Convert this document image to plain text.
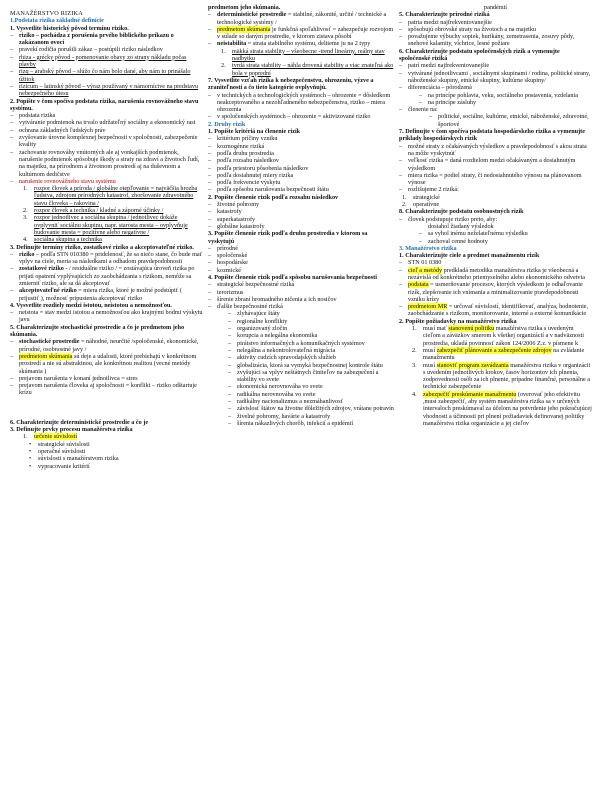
MANAŽÉRSTVO RIZIKA

1.Podstata rizika základné definície

1. Vysvetlite historický pôvod termínu riziko.

– riziko – pochádza z porušenia prvého biblického príkazu o zakázanom ovocí
– pravekí rodičia porušili zákaz – postúpili riziko následkov
– rhiza - grécky pôvod - pomenovanie obavy zo strany nákladu počas plavby
– rizq – arabský pôvod – slúžo čo nám bolo dané, aby nám to prinášalo úžitok
– rizicum – latinský pôvod – výraz používaný v námorníctve na predstavu nebezpečného útesu

2. Popíšte v čom spočíva podstata rizika, narušenia rovnovážneho stavu systému.

– podstata rizika
– vytváranie podmienok na trvalo udržateľný sociálny a ekonomický rast
– ochrana základných ľudských práv
– zvyšovanie úrovne komplexnej bezpečnosti v spoločnosti, zabezpečenie kvality
– zachovanie rovnováhy vnútorných ale aj vonkajších podmienok, narušenie podmienok spôsobuje škody a straty na zdraví a životoch ľudí, na majetku, na prírodnom a životnom prostredí aj na duševnom a kultúrnom dedičstve
– narušenie rovnovážneho stavu systému
1. rozpor človek a príroda / globálne otepľovanie = najväčšia hrozba ľudstva, zdrojom prírodných katastrof, zhoršovanie zdravotného stavu človeka – rakovina /
2. rozpor človek a technika / kladné a záporné účinky /
3. rozpor jednotlivec a sociálna skupina / jednotlivec dokáže ovplyvniť sociálnu skupinu, napr. starosta mesta – ovplyvňuje budovanie mesta = pozitívne alebo negatívne /
4. sociálna skupina a technika

3. Definujte termíny riziko, zostatkové riziko a akceptovateľné riziko.

– riziko – podľa STN 010380 = pridelenosť, že sa niečo stane, čo bude mať vplyv na ciele, meria sa následkami a odhadom pravdepodobnosti
– zostatkové riziko - / residuálne riziko / = zostávajúca úroveň rizika po prijatí opatrení vyplývajúcich zo zaobchádzania s rizikom, nemôže sa zmierniť riziko, ale sa dá akceptovať
– akceptovateľné riziko = miera rizika, ktoré je možné podstúpiť ( prijustiť ), možnosť pripustenia akceptovať riziko

4. Vysvetlite rozdiely medzi istotou, neistotou a nemožnosťou.

– neistota = stav medzi istotou a nemožnosťou ako krajnými bodmi výskytu javu

5. Charakterizujte stochastické prostredie a čo je predmetom jeho skúmania.

– stochastické prostredie = náhodné, neurčité /spoločenské, ekonomické, prírodné, osobnostné javy /
– predmetom skúmania sú deje a udalosti, ktoré prebiehajú v konkrétnom prostredí a nie sú abstraktnou, ale konkrétnou realitou (vecné metódy skúmania )
– prejavom narušenia v konaní jednotlivca = stres
– prejavom narušenia človeka aj spoločnosti = konflikt – riziko odštartuje krízu

6. Charakterizujte deterministické prostredie a čo je

3. Definujte prvky procesu manažérstva rizika

1. určenie súvislostí
• strategické súvislosti
• operačné súvislosti
• súvislosti s manažérstvom rizika
• vypracovanie kritérií

predmetom jeho skúmania.

– deterministické prostredie = stabilné, zákonité, určité / technické a technologické systémy /
– predmetom skúmania je funkčná spoľahlivosť = zabezpečuje rozvojom v súlade so daným prostredie, v ktorom zistava pôsobí
– neistabilita = strata stabilného systému, deliteme ju na 2 typy
1. mäkká strata stability – všeobecne -trend lineárny, reálny stav nadbytku
2. tvrdá strata stability – náhla drovená stability a viac znateľná ako bola v poprední

7. Vysvetlite vzťah rizika k nebezpečenstvu, ohrozeniu, výzve a zraniteľnosti a čo tieto kategórie ovplyvňujú.

– v technických a technologických systémoch – ohrozenie = dôsledkom neakceptovaného a nezohľadneného nebezpečenstva, riziko – miera ohrozenia
– v spoločenských systémoch – ohrozenie = aktivizované riziko

2. Druhy rizík

1. Popíšte kritériá na členenie rizík

– kritérium príčiny vzniku
– kozmogénne riziká
– podľa druhu prostredia
– podľa rozsahu následkov
– podľa priestoru pôsobenia následkov
– podľa dosiahnutej miery rizika
– podľa frekvencie výskytu
– podľa spôsobu narušovania bezpečnosti štátu

2. Popíšte členenie rizík podľa rozsahu následkov

– životné pohromy
– katastrofy
– superkatastrofy
– globálne katastrofy

3. Popíšte členenie rizík podľa druhu prostredia v ktorom sa vyskytujú

– prírodné
– spoločenské
– hospodárske
– kozmické

4. Popíšte členenie rizík podľa spôsobu narušovania bezpečnosti

– strategické bezpečnostné riziká
– terorizmus
– šírenie zbraní hromadného ničenia a ich nosičov
– ďalšie bezpečnostné riziká
– zlyhávajúce štáty
– regionálne konflikty
– organizovaný zločin
– korupcia a nelegálna ekonomika
– pirátstvo informačných a komunikačných systémov
– nelegálna a nekontrolovateľná migrácia
– aktivity cudzích spravodajských služieb
– globalizácia, ktorá sa vymyká bezpečnostnej kontrole štátu
– zvyšujúci sa vplyv neštátnych činiteľov na zabezpečení a stability vo svete
– ekonomická nerovnováha vo svete
– radikálna nerovnováha vo svete
– radikálny nacionalizmus a nezmáhanlivosť
– závislosť štátov na životne dôležitých zdrojov, vrátane potravín
– živelné pohromy, havárie a katastrofy
– šírenia nákazlivých chorôb, infekcií a epidémií

pandémií

5. Charakterizujte prírodné riziká

– patria medzi najfrekventovanejšie
– spôsobujú obrovské straty na životoch a na majetku
– považujeme výbuchy sopiek, hurikány, zemetrasenia, zosuvy pôdy, snehové kalamity, víchrice, lesné požiare

6. Charakterizujte podstatu spoločenských rizík a vymenujte spoločenské riziká

– patrí medzi najfrekventovanejšie
– vytvárané jednotlivcami , sociálnymi skupinami / rodina, politické strany, náboženské skupiny, etnické skupiny, kultúrne skupiny/
– diferenciácia – pôrodzená
– na princípe pohlavia, veku, sociálneho postavenia, vzdelania
– na princípe zásluhy
– členenie na:
– politické, sociálne, kultúrne, etnické, náboženské, zdravotné, športové

7. Definujte v čom spočíva podstata hospodárskeho rizika a vymenujte príklady hospodárskych rizík

– možné straty z očakávaných výsledkov a pravdepodobnosť s akou strata na môže vyskytnúť
– veľkosť rizika = daná rozdielom medzi očakávaným a dosiahnutým výsledkom
– miera rizika = podiel straty, či nedosiahnutého výnosu na plánovanom výnose
– rozlišujeme 2 riziká:
1. strategické
2. operatívne

8. Charakterizujte podstatu osobnostných rizík

– človek podstupuje riziko preto, aby:
dosiahol žiadaný výsledok
– sa vyhol inému neželateľnému výsledku
– zachoval cenné hodnoty

3. Manažérstvo rizika

1. Charakterizujte ciele a predmet manažmentu rizík

– STN 01 0380
– cieľ a metódy predkladá metodika manažérstva rizika je všeobecná a nezávislá od konkrétneho priemyselného alebo ekonomického odvetvia
– podstata = usmerňovanie procesov, ktorých výsledkom je odhaľovanie rizík, zlepšovanie ich vnímania a minimalizovanie pravdepodobnosti vzniku krízy
– predmetom MR = určovať súvislostí, identifikovať, analýza, hodnotenie, zaobchádzanie s rizikom, monitorovanie, interné a externé komunikácie

2. Popíšte požiadavky na manažérstvo rizika

1. musí mať stanovenú politiku manažérstva rizika s uvedeným cieľom a záväzkov smerom k všetkej organizácií a v nadväznosti prostredia, ukladá povinnosť zákon 124/2006 Z.z. v písmene k
2. musí zabezpečiť plánovanie a zabezpečenie zdrojov na zvládanie manažmentu
3. musí stanoviť program zavádzania manažérstva rizika v organizácii s uvedením jednotlivých krokov, časov horizontov ich plnenia, zodpovednosti osôb za ich plnenie, prípadne finančné, personálne a technické zabezpečenie
4. zabezpečiť preskúmanie manažmentu (overovať jeho efektivitu ,musí zabezpečiť, aby systém manažérstva rizika sa v určených intervaloch preskúmaval za účelom na potvrdenie jeho pokračujúcej vhodnosti a účinnosti pri plnení požiadaviek definovanej politiky manažérstva rizika organizácie a jej cieľov
